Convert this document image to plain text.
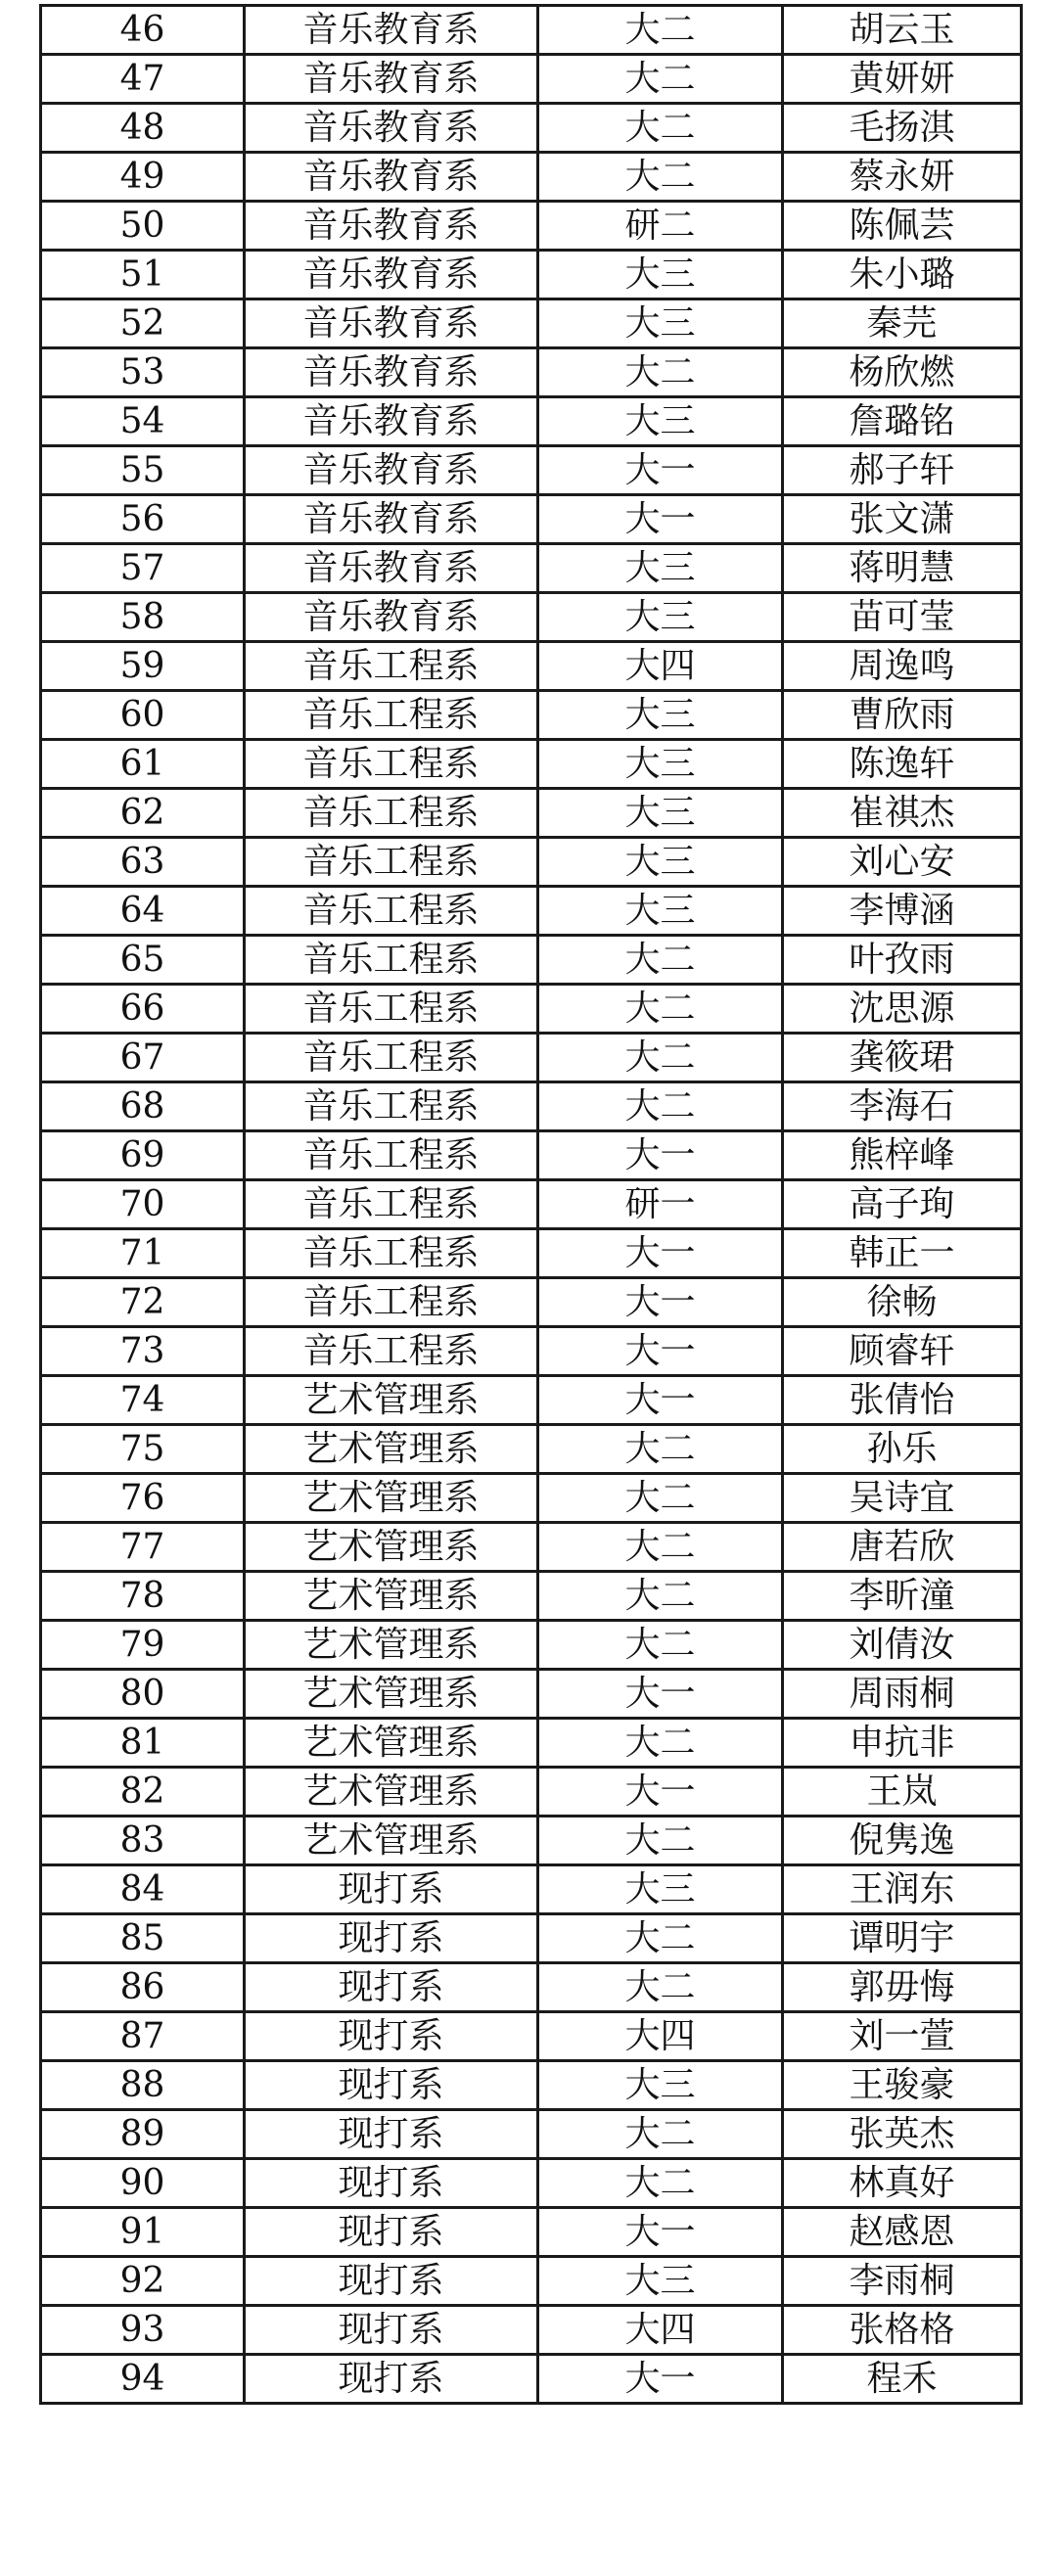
46	音乐教育系	大二	胡云玉
47	音乐教育系	大二	黄妍妍
48	音乐教育系	大二	毛扬淇
49	音乐教育系	大二	蔡永妍
50	音乐教育系	研二	陈佩芸
51	音乐教育系	大三	朱小璐
52	音乐教育系	大三	秦芫
53	音乐教育系	大二	杨欣燃
54	音乐教育系	大三	詹璐铭
55	音乐教育系	大一	郝子轩
56	音乐教育系	大一	张文潇
57	音乐教育系	大三	蒋明慧
58	音乐教育系	大三	苗可莹
59	音乐工程系	大四	周逸鸣
60	音乐工程系	大三	曹欣雨
61	音乐工程系	大三	陈逸轩
62	音乐工程系	大三	崔祺杰
63	音乐工程系	大三	刘心安
64	音乐工程系	大三	李博涵
65	音乐工程系	大二	叶孜雨
66	音乐工程系	大二	沈思源
67	音乐工程系	大二	龚筱珺
68	音乐工程系	大二	李海石
69	音乐工程系	大一	熊梓峰
70	音乐工程系	研一	高子珣
71	音乐工程系	大一	韩正一
72	音乐工程系	大一	徐畅
73	音乐工程系	大一	顾睿轩
74	艺术管理系	大一	张倩怡
75	艺术管理系	大二	孙乐
76	艺术管理系	大二	吴诗宜
77	艺术管理系	大二	唐若欣
78	艺术管理系	大二	李昕潼
79	艺术管理系	大二	刘倩汝
80	艺术管理系	大一	周雨桐
81	艺术管理系	大二	申抗非
82	艺术管理系	大一	王岚
83	艺术管理系	大二	倪隽逸
84	现打系	大三	王润东
85	现打系	大二	谭明宇
86	现打系	大二	郭毋悔
87	现打系	大四	刘一萱
88	现打系	大三	王骏豪
89	现打系	大二	张英杰
90	现打系	大二	林真好
91	现打系	大一	赵感恩
92	现打系	大三	李雨桐
93	现打系	大四	张格格
94	现打系	大一	程禾
